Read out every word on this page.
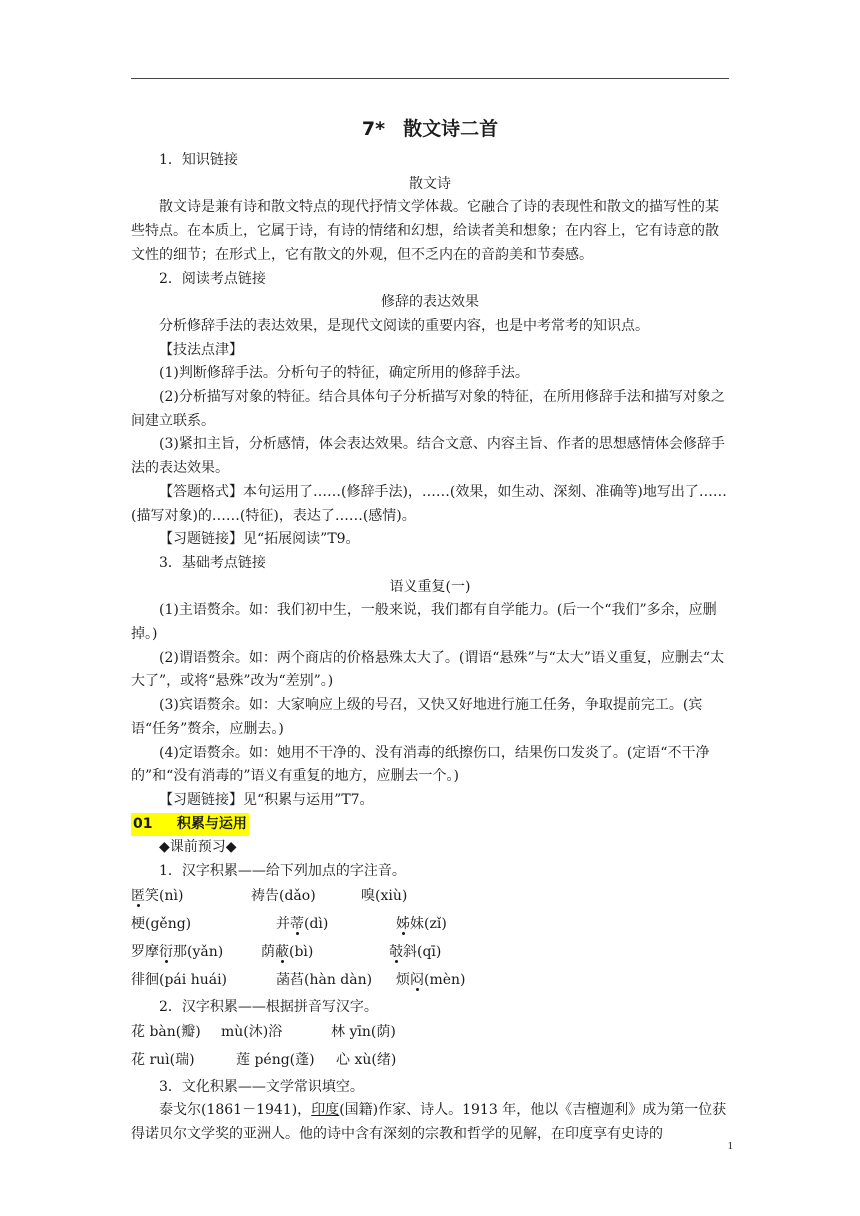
7* 散文诗二首

1．知识链接

散文诗

散文诗是兼有诗和散文特点的现代抒情文学体裁。它融合了诗的表现性和散文的描写性的某些特点。在本质上，它属于诗，有诗的情绪和幻想，给读者美和想象；在内容上，它有诗意的散文性的细节；在形式上，它有散文的外观，但不乏内在的音韵美和节奏感。

2．阅读考点链接

修辞的表达效果

分析修辞手法的表达效果，是现代文阅读的重要内容，也是中考常考的知识点。

【技法点津】

(1)判断修辞手法。分析句子的特征，确定所用的修辞手法。

(2)分析描写对象的特征。结合具体句子分析描写对象的特征，在所用修辞手法和描写对象之间建立联系。

(3)紧扣主旨，分析感情，体会表达效果。结合文意、内容主旨、作者的思想感情体会修辞手法的表达效果。

【答题格式】本句运用了……(修辞手法)，……(效果，如生动、深刻、准确等)地写出了……(描写对象)的……(特征)，表达了……(感情)。

【习题链接】见“拓展阅读”T9。

3．基础考点链接

语义重复(一)

(1)主语赘余。如：我们初中生，一般来说，我们都有自学能力。(后一个“我们”多余，应删掉。)

(2)谓语赘余。如：两个商店的价格悬殊太大了。(谓语“悬殊”与“太大”语义重复，应删去“太大了”，或将“悬殊”改为“差别”。)

(3)宾语赘余。如：大家响应上级的号召，又快又好地进行施工任务，争取提前完工。(宾语“任务”赘余，应删去。)

(4)定语赘余。如：她用不干净的、没有消毒的纸擦伤口，结果伤口发炎了。(定语“不干净的”和“没有消毒的”语义有重复的地方，应删去一个。)

【习题链接】见“积累与运用”T7。

01 积累与运用

◆课前预习◆

1．汉字积累——给下列加点的字注音。

匿笑(nì)	祷告(dǎo)	嗅(xiù)
梗(gěng)	并蒂(dì)	姊妹(zǐ)
罗摩衍那(yǎn)	荫蔽(bì)	攲斜(qī)
徘徊(pái huái)	菡萏(hàn dàn)	烦闷(mèn)

2．汉字积累——根据拼音写汉字。

花 bàn(瓣)	mù(沐)浴	林 yīn(荫)
花 ruì(瑞)	莲 péng(蓬)	心 xù(绪)

3．文化积累——文学常识填空。

泰戈尔(1861－1941)，印度(国籍)作家、诗人。1913 年，他以《吉檀迦利》成为第一位获得诺贝尔文学奖的亚洲人。他的诗中含有深刻的宗教和哲学的见解，在印度享有史诗的

1
